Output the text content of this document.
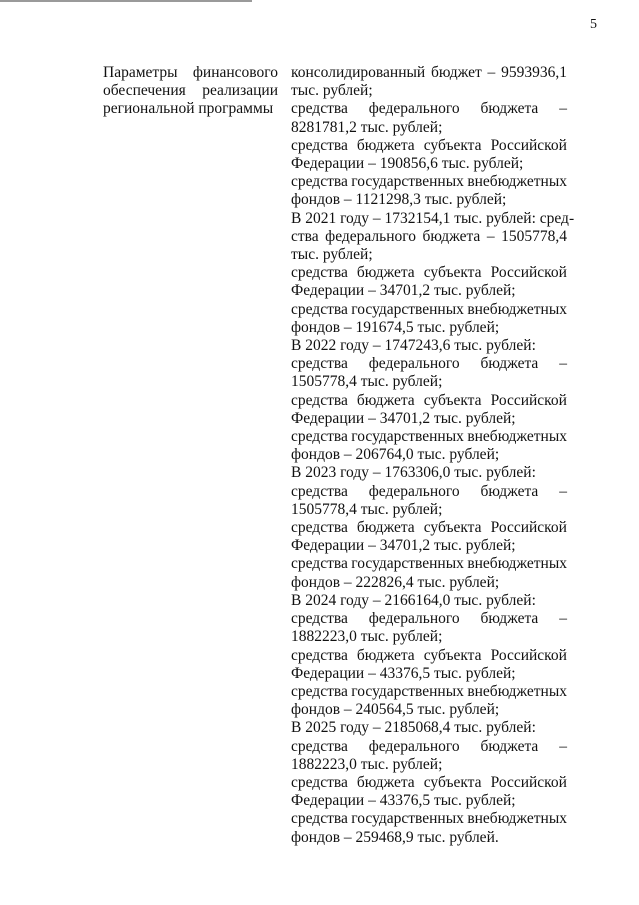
5
Параметры финансового
обеспечения реализации
региональной программы
консолидированный бюджет – 9593936,1
тыс. рублей;
средства федерального бюджета –
8281781,2 тыс. рублей;
средства бюджета субъекта Российской
Федерации – 190856,6 тыс. рублей;
средства государственных внебюджетных
фондов – 1121298,3 тыс. рублей;
В 2021 году – 1732154,1 тыс. рублей: сред-
ства федерального бюджета – 1505778,4
тыс. рублей;
средства бюджета субъекта Российской
Федерации – 34701,2 тыс. рублей;
средства государственных внебюджетных
фондов – 191674,5 тыс. рублей;
В 2022 году – 1747243,6 тыс. рублей:
средства федерального бюджета –
1505778,4 тыс. рублей;
средства бюджета субъекта Российской
Федерации – 34701,2 тыс. рублей;
средства государственных внебюджетных
фондов – 206764,0 тыс. рублей;
В 2023 году – 1763306,0 тыс. рублей:
средства федерального бюджета –
1505778,4 тыс. рублей;
средства бюджета субъекта Российской
Федерации – 34701,2 тыс. рублей;
средства государственных внебюджетных
фондов – 222826,4 тыс. рублей;
В 2024 году – 2166164,0 тыс. рублей:
средства федерального бюджета –
1882223,0 тыс. рублей;
средства бюджета субъекта Российской
Федерации – 43376,5 тыс. рублей;
средства государственных внебюджетных
фондов – 240564,5 тыс. рублей;
В 2025 году – 2185068,4 тыс. рублей:
средства федерального бюджета –
1882223,0 тыс. рублей;
средства бюджета субъекта Российской
Федерации – 43376,5 тыс. рублей;
средства государственных внебюджетных
фондов – 259468,9 тыс. рублей.
